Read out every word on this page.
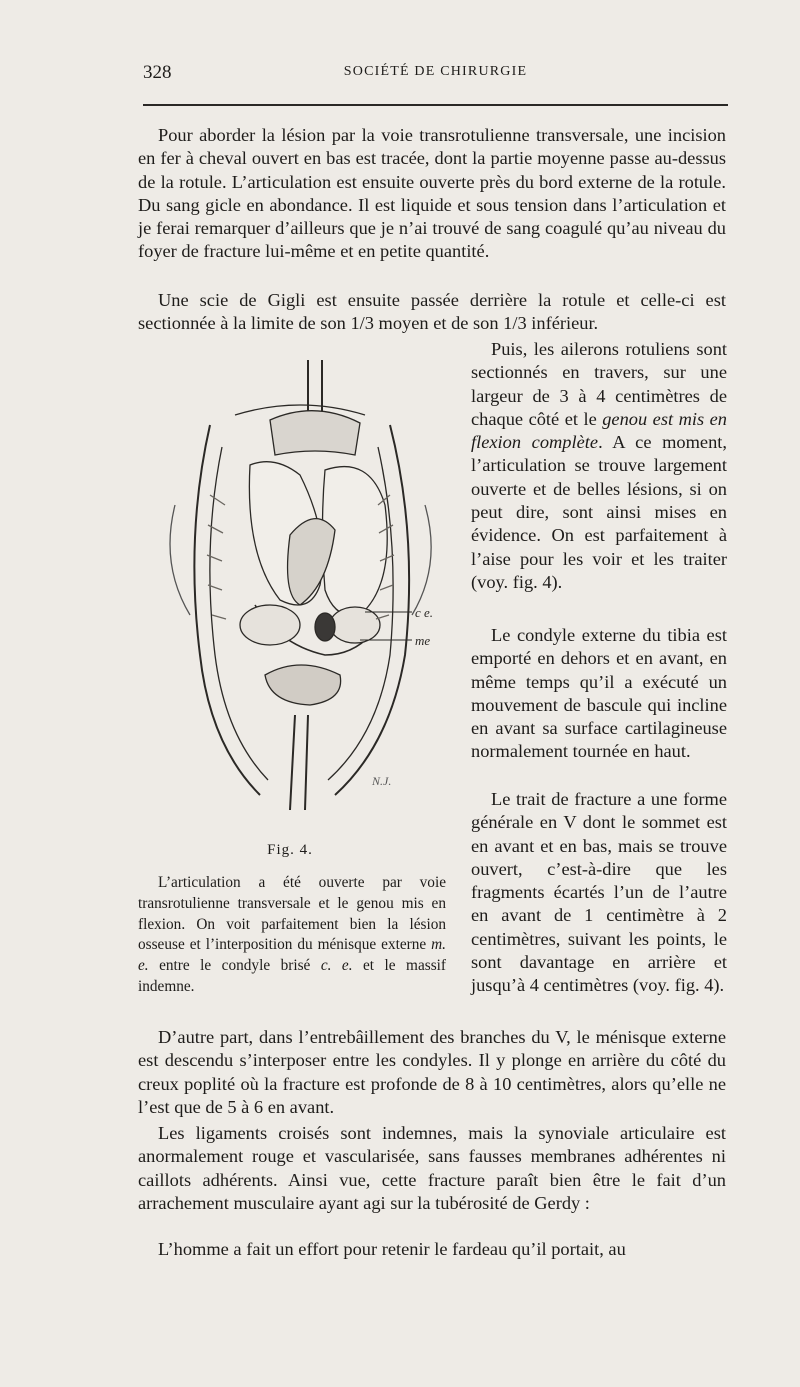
328	SOCIÉTÉ DE CHIRURGIE

Pour aborder la lésion par la voie transrotulienne transversale, une incision en fer à cheval ouvert en bas est tracée, dont la partie moyenne passe au-dessus de la rotule. L’articulation est ensuite ouverte près du bord externe de la rotule. Du sang gicle en abondance. Il est liquide et sous tension dans l’articulation et je ferai remarquer d’ailleurs que je n’ai trouvé de sang coagulé qu’au niveau du foyer de fracture lui-même et en petite quantité.

Une scie de Gigli est ensuite passée derrière la rotule et celle-ci est sectionnée à la limite de son 1/3 moyen et de son 1/3 inférieur.

Puis, les ailerons rotuliens sont sectionnés en travers, sur une largeur de 3 à 4 centimètres de chaque côté et le genou est mis en flexion complète. A ce moment, l’articulation se trouve largement ouverte et de belles lésions, si on peut dire, sont ainsi mises en évidence. On est parfaitement à l’aise pour les voir et les traiter (voy. fig. 4).

Le condyle externe du tibia est emporté en dehors et en avant, en même temps qu’il a exécuté un mouvement de bascule qui incline en avant sa surface cartilagineuse normalement tournée en haut.

Le trait de fracture a une forme générale en V dont le sommet est en avant et en bas, mais se trouve ouvert, c’est-à-dire que les fragments écartés l’un de l’autre en avant de 1 centimètre à 2 centimètres, suivant les points, le sont davantage en arrière et jusqu’à 4 centimètres (voy. fig. 4).

D’autre part, dans l’entrebâillement des branches du V, le ménisque externe est descendu s’interposer entre les condyles. Il y plonge en arrière du côté du creux poplité où la fracture est profonde de 8 à 10 centimètres, alors qu’elle ne l’est que de 5 à 6 en avant.

Les ligaments croisés sont indemnes, mais la synoviale articulaire est anormalement rouge et vascularisée, sans fausses membranes adhérentes ni caillots adhérents. Ainsi vue, cette fracture paraît bien être le fait d’un arrachement musculaire ayant agi sur la tubérosité de Gerdy :

L’homme a fait un effort pour retenir le fardeau qu’il portait, au

c e.
me
N.J.
Fig. 4.

L’articulation a été ouverte par voie transrotulienne transversale et le genou mis en flexion. On voit parfaitement bien la lésion osseuse et l’interposition du ménisque externe m. e. entre le condyle brisé c. e. et le massif indemne.
